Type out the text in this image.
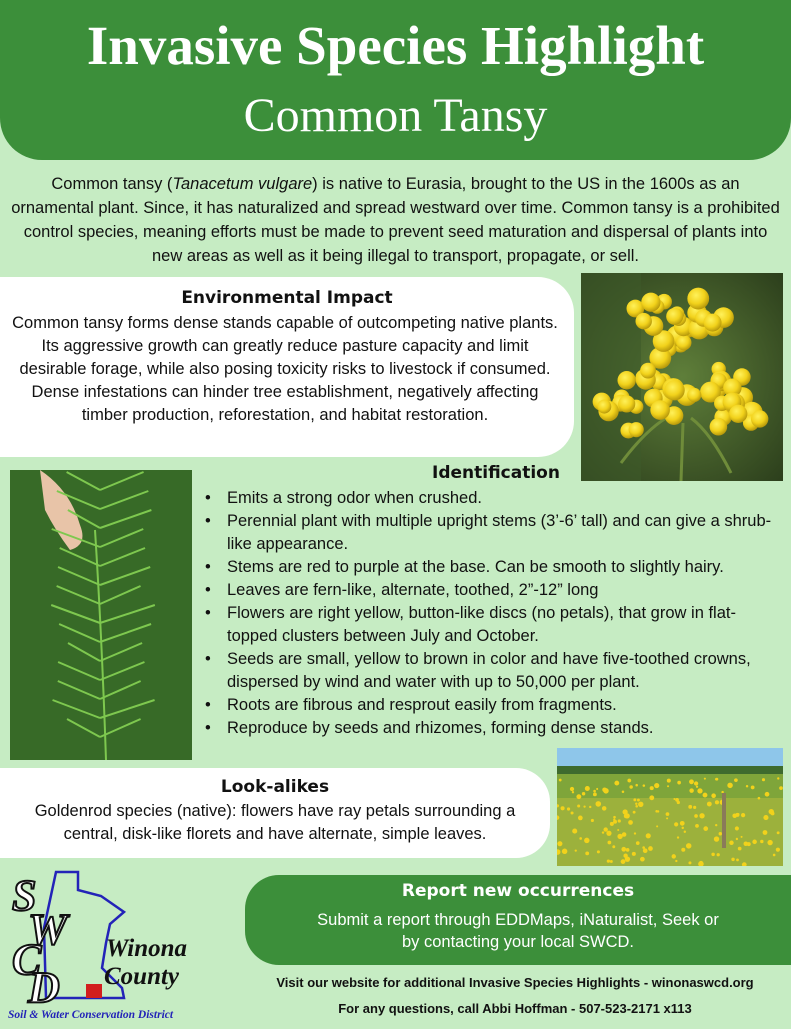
Invasive Species Highlight
Common Tansy
Common tansy (Tanacetum vulgare) is native to Eurasia, brought to the US in the 1600s as an ornamental plant. Since, it has naturalized and spread westward over time. Common tansy is a prohibited control species, meaning efforts must be made to prevent seed maturation and dispersal of plants into new areas as well as it being illegal to transport, propagate, or sell.
Environmental Impact

Common tansy forms dense stands capable of outcompeting native plants. Its aggressive growth can greatly reduce pasture capacity and limit desirable forage, while also posing toxicity risks to livestock if consumed. Dense infestations can hinder tree establishment, negatively affecting timber production, reforestation, and habitat restoration.

Identification
• Emits a strong odor when crushed.
• Perennial plant with multiple upright stems (3’-6’ tall) and can give a shrub-like appearance.
• Stems are red to purple at the base. Can be smooth to slightly hairy.
• Leaves are fern-like, alternate, toothed, 2”-12” long
• Flowers are right yellow, button-like discs (no petals), that grow in flat-topped clusters between July and October.
• Seeds are small, yellow to brown in color and have five-toothed crowns, dispersed by wind and water with up to 50,000 per plant.
• Roots are fibrous and resprout easily from fragments.
• Reproduce by seeds and rhizomes, forming dense stands.
Look-alikes

Goldenrod species (native): flowers have ray petals surrounding a central, disk-like florets and have alternate, simple leaves.

Report new occurrences

Submit a report through EDDMaps, iNaturalist, Seek or
by contacting your local SWCD.

Visit our website for additional Invasive Species Highlights - winonaswcd.org
For any questions, call Abbi Hoffman - 507-523-2171 x113
S
W
C
D
Winona
County
Soil & Water Conservation District
